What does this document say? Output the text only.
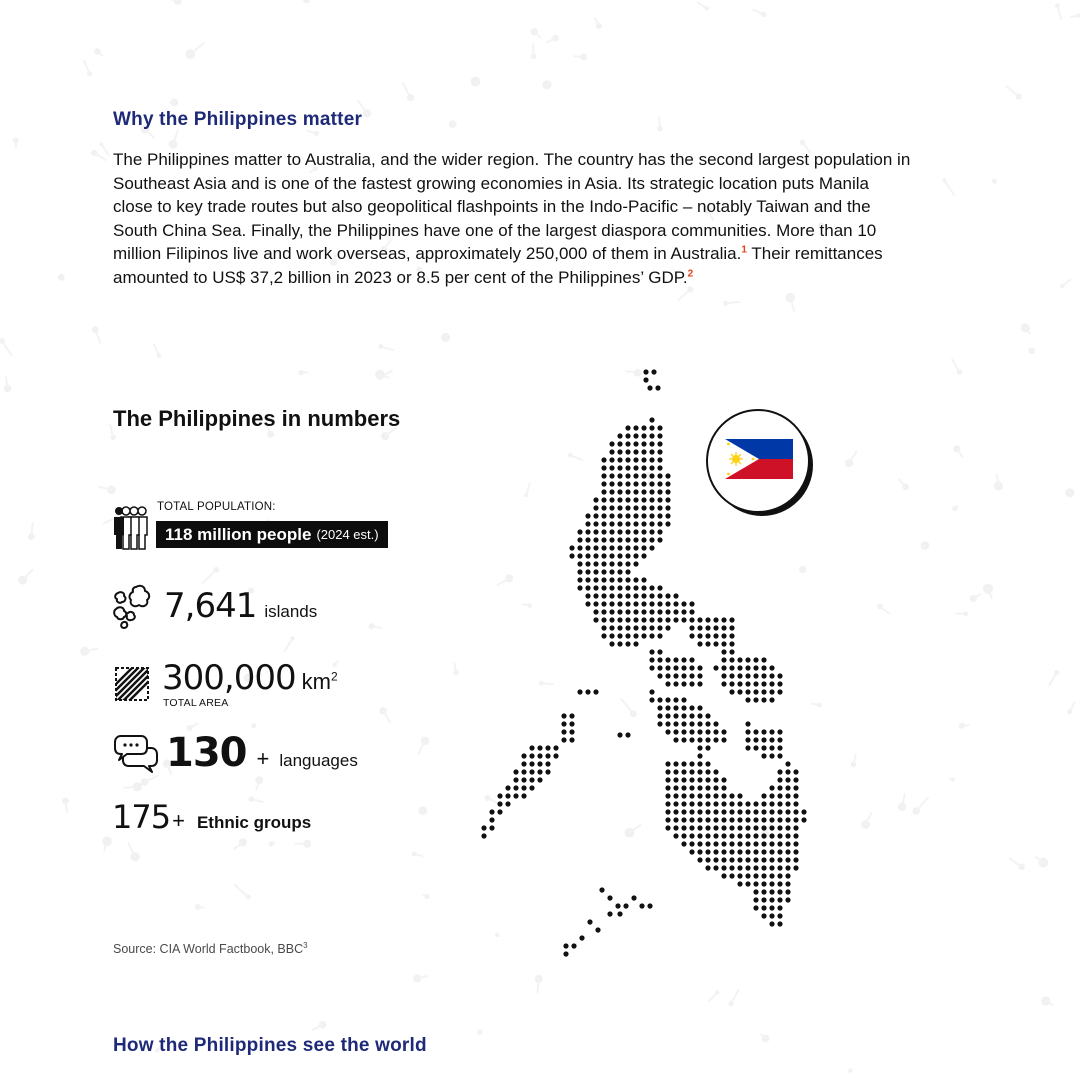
Why the Philippines matter
The Philippines matter to Australia, and the wider region. The country has the second largest population in Southeast Asia and is one of the fastest growing economies in Asia. Its strategic location puts Manila close to key trade routes but also geopolitical flashpoints in the Indo-Pacific – notably Taiwan and the South China Sea. Finally, the Philippines have one of the largest diaspora communities. More than 10 million Filipinos live and work overseas, approximately 250,000 of them in Australia.$^1$ Their remittances amounted to US$ 37,2 billion in 2023 or 8.5 per cent of the Philippines’ GDP.$^2$
The Philippines in numbers
TOTAL POPULATION:
118 million people (2024 est.)
7,641 islands
300,000 $km^2$
TOTAL AREA
130 + languages
175 + Ethnic groups
Source: CIA World Factbook, BBC$^3$
How the Philippines see the world
